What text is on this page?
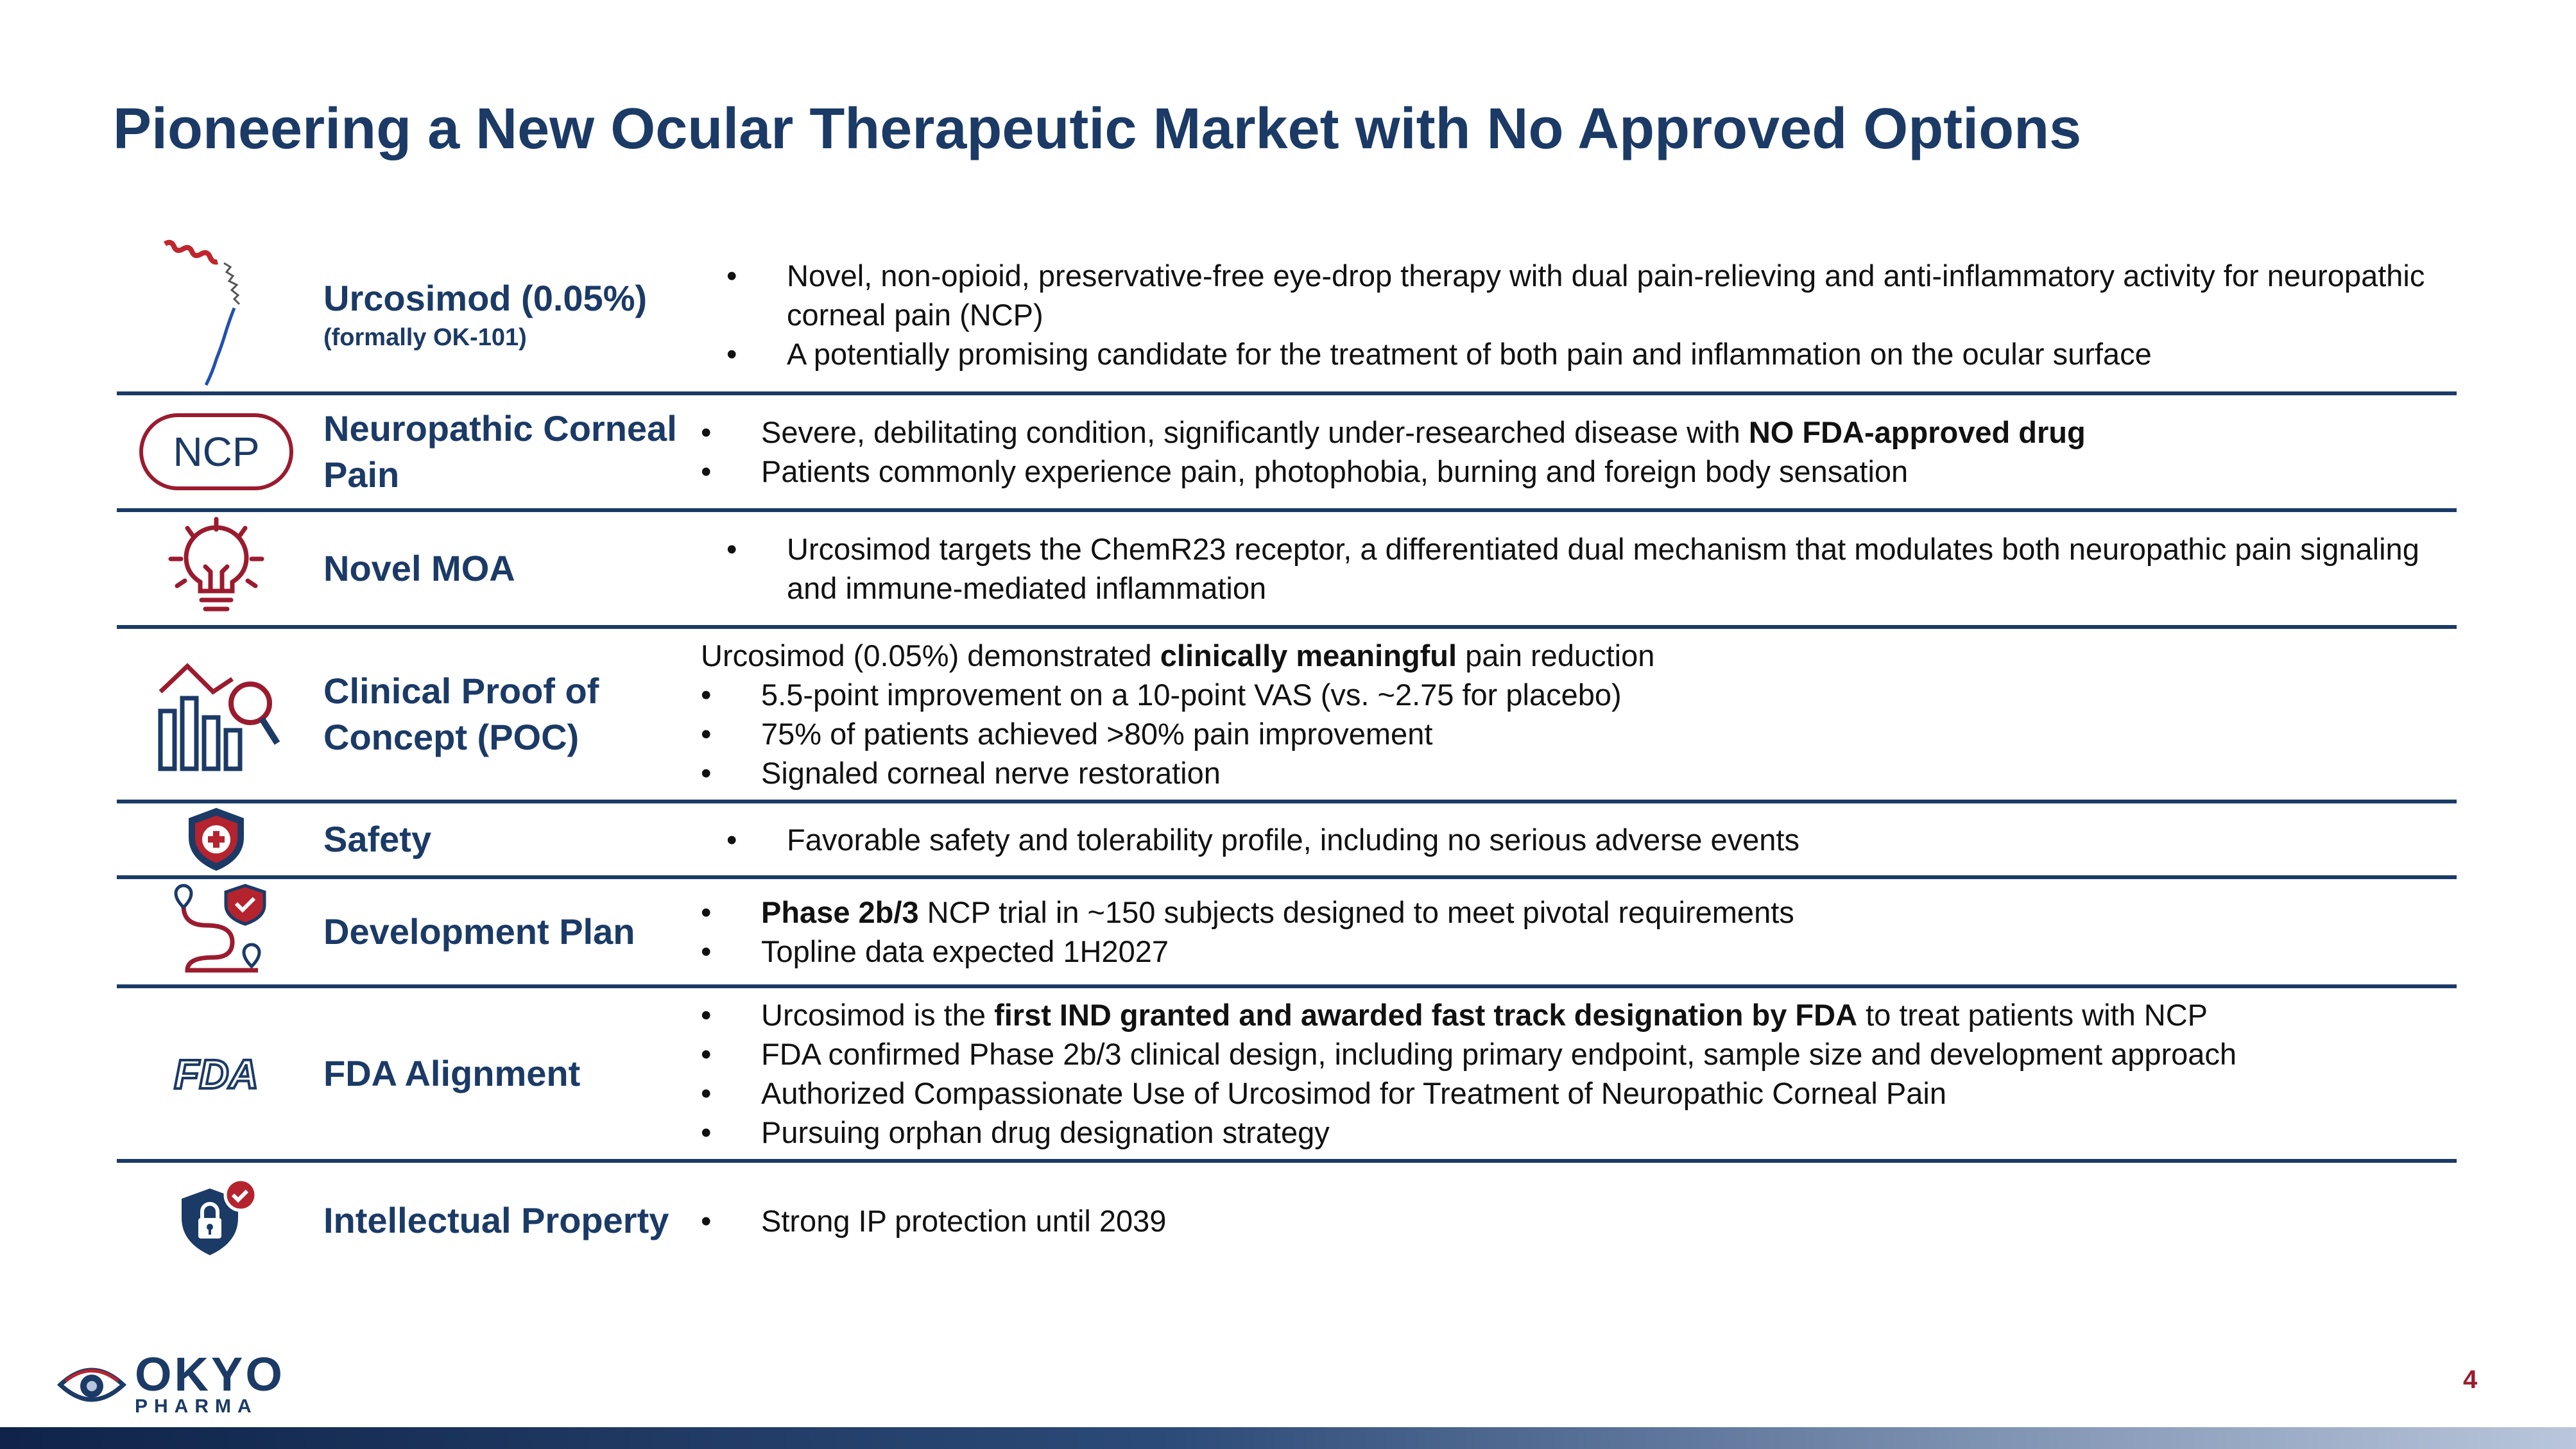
Pioneering a New Ocular Therapeutic Market with No Approved Options
Urcosimod (0.05%)
(formally OK-101)
• Novel, non-opioid, preservative-free eye-drop therapy with dual pain-relieving and anti-inflammatory activity for neuropathic corneal pain (NCP)
• A potentially promising candidate for the treatment of both pain and inflammation on the ocular surface
NCP
Neuropathic Corneal Pain
• Severe, debilitating condition, significantly under-researched disease with NO FDA-approved drug
• Patients commonly experience pain, photophobia, burning and foreign body sensation
Novel MOA	• Urcosimod targets the ChemR23 receptor, a differentiated dual mechanism that modulates both neuropathic pain signaling and immune-mediated inflammation
Clinical Proof of Concept (POC)
Urcosimod (0.05%) demonstrated clinically meaningful pain reduction
• 5.5-point improvement on a 10-point VAS (vs. ~2.75 for placebo)
• 75% of patients achieved >80% pain improvement
• Signaled corneal nerve restoration
Safety	• Favorable safety and tolerability profile, including no serious adverse events
Development Plan	• Phase 2b/3 NCP trial in ~150 subjects designed to meet pivotal requirements
• Topline data expected 1H2027
FDA FDA Alignment
• Urcosimod is the first IND granted and awarded fast track designation by FDA to treat patients with NCP
• FDA confirmed Phase 2b/3 clinical design, including primary endpoint, sample size and development approach
• Authorized Compassionate Use of Urcosimod for Treatment of Neuropathic Corneal Pain
• Pursuing orphan drug designation strategy
Intellectual Property	• Strong IP protection until 2039
OKYO
PHARMA
4
